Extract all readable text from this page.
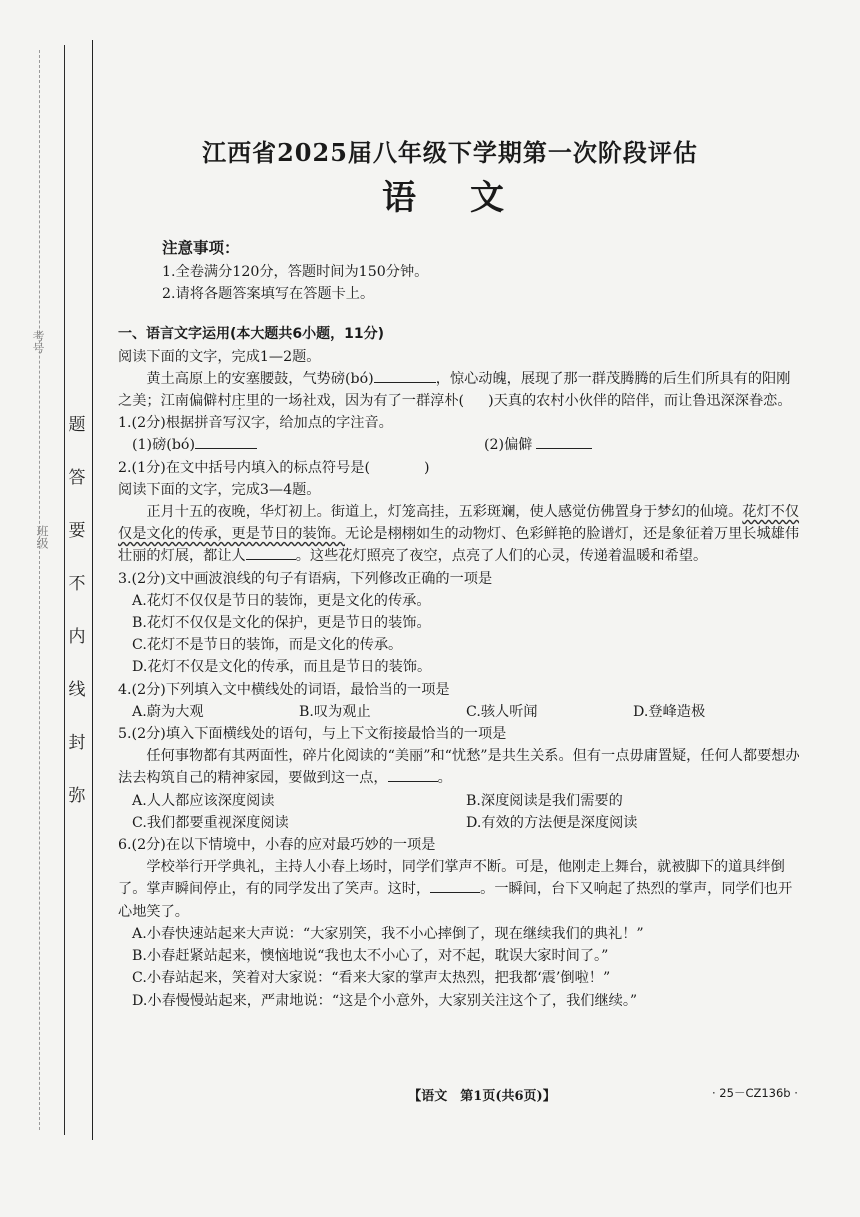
考号
班级
题
答
要
不
内
线
封
弥
江西省2025届八年级下学期第一次阶段评估
语文

注意事项：

1.全卷满分120分，答题时间为150分钟。

2.请将各题答案填写在答题卡上。

一、语言文字运用(本大题共6小题，11分)

阅读下面的文字，完成1—2题。

黄土高原上的安塞腰鼓，气势磅(bó)	，惊心动魄，展现了那一群茂腾腾的后生们所具有的阳刚之美；江南偏僻 ·村庄里的一场社戏，因为有了一群淳朴( )天真的农村小伙伴的陪伴，而让鲁迅深深眷恋。

1.(2分)根据拼音写汉字，给加点的字注音。

(1)磅(bó)	(2)偏僻

2.(1分)在文中括号内填入的标点符号是(	)

阅读下面的文字，完成3—4题。

正月十五的夜晚，华灯初上。街道上，灯笼高挂，五彩斑斓，使人感觉仿佛置身于梦幻的仙境。花灯不仅仅是文化的传承，更是节日的装饰。无论是栩栩如生的动物灯、色彩鲜艳的脸谱灯，还是象征着万里长城雄伟壮丽的灯展，都让人	。这些花灯照亮了夜空，点亮了人们的心灵，传递着温暖和希望。

3.(2分)文中画波浪线的句子有语病，下列修改正确的一项是

A.花灯不仅仅是节日的装饰，更是文化的传承。

B.花灯不仅仅是文化的保护，更是节日的装饰。

C.花灯不是节日的装饰，而是文化的传承。

D.花灯不仅是文化的传承，而且是节日的装饰。

4.(2分)下列填入文中横线处的词语，最恰当的一项是

A.蔚为大观	B.叹为观止	C.骇人听闻	D.登峰造极

5.(2分)填入下面横线处的语句，与上下文衔接最恰当的一项是

任何事物都有其两面性，碎片化阅读的“美丽”和“忧愁”是共生关系。但有一点毋庸置疑，任何人都要想办法去构筑自己的精神家园，要做到这一点，	。

A.人人都应该深度阅读	B.深度阅读是我们需要的

C.我们都要重视深度阅读	D.有效的方法便是深度阅读

6.(2分)在以下情境中，小春的应对最巧妙的一项是

学校举行开学典礼，主持人小春上场时，同学们掌声不断。可是，他刚走上舞台，就被脚下的道具绊倒了。掌声瞬间停止，有的同学发出了笑声。这时，	。一瞬间，台下又响起了热烈的掌声，同学们也开心地笑了。

A.小春快速站起来大声说：“大家别笑，我不小心摔倒了，现在继续我们的典礼！”

B.小春赶紧站起来，懊恼地说“我也太不小心了，对不起，耽误大家时间了。”

C.小春站起来，笑着对大家说：“看来大家的掌声太热烈，把我都‘震’倒啦！”

D.小春慢慢站起来，严肃地说：“这是个小意外，大家别关注这个了，我们继续。”

【语文　第1页(共6页)】	· 25－CZ136b ·
